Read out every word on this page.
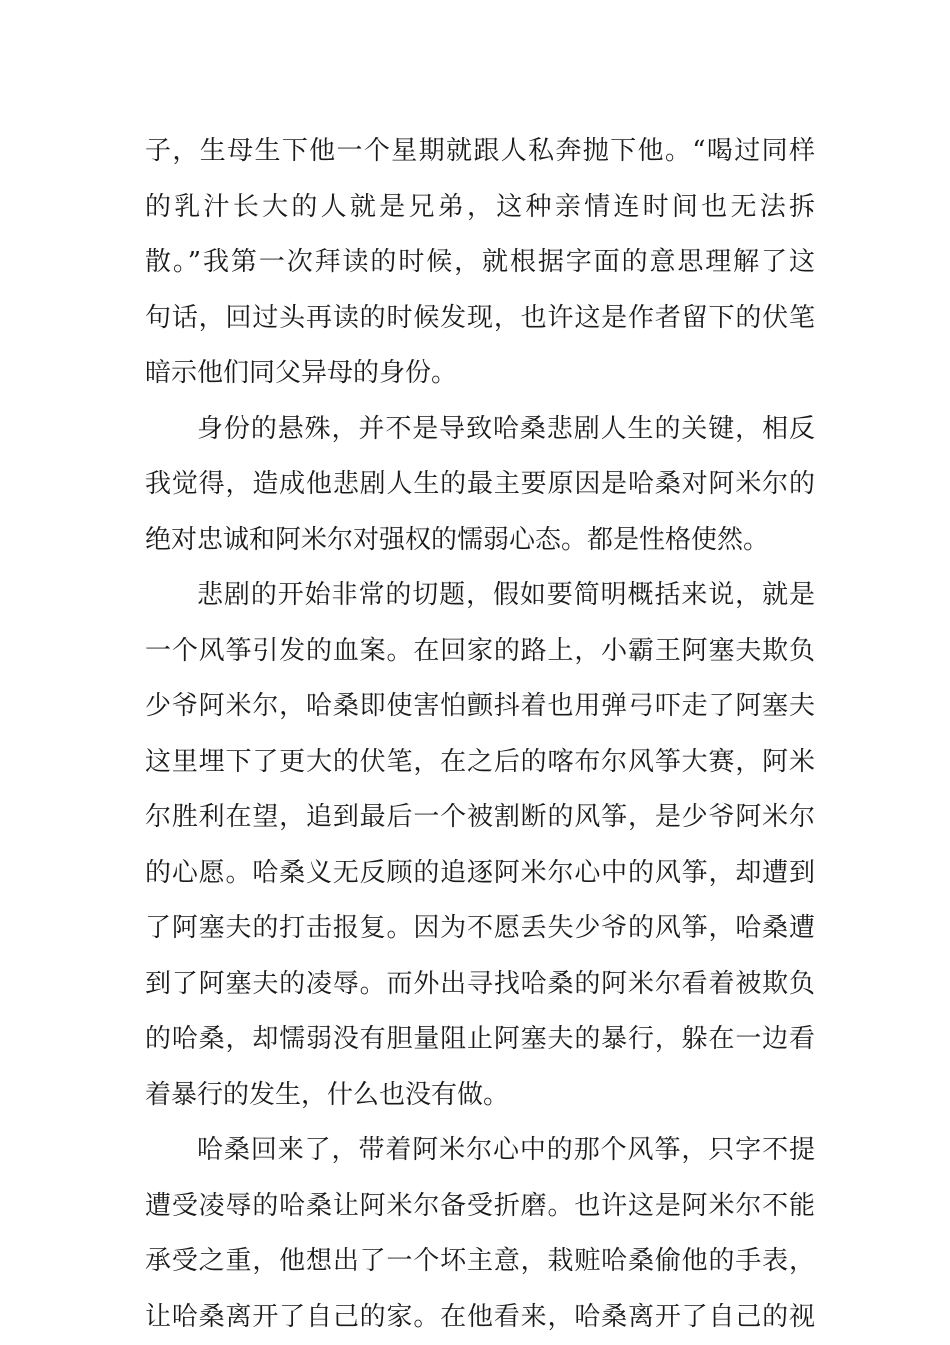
子，生母生下他一个星期就跟人私奔抛下他。“喝过同样
的乳汁长大的人就是兄弟，这种亲情连时间也无法拆
散。”我第一次拜读的时候，就根据字面的意思理解了这
句话，回过头再读的时候发现，也许这是作者留下的伏笔
暗示他们同父异母的身份。
身份的悬殊，并不是导致哈桑悲剧人生的关键，相反
我觉得，造成他悲剧人生的最主要原因是哈桑对阿米尔的
绝对忠诚和阿米尔对强权的懦弱心态。都是性格使然。
悲剧的开始非常的切题，假如要简明概括来说，就是
一个风筝引发的血案。在回家的路上，小霸王阿塞夫欺负
少爷阿米尔，哈桑即使害怕颤抖着也用弹弓吓走了阿塞夫
这里埋下了更大的伏笔，在之后的喀布尔风筝大赛，阿米
尔胜利在望，追到最后一个被割断的风筝，是少爷阿米尔
的心愿。哈桑义无反顾的追逐阿米尔心中的风筝，却遭到
了阿塞夫的打击报复。因为不愿丢失少爷的风筝，哈桑遭
到了阿塞夫的凌辱。而外出寻找哈桑的阿米尔看着被欺负
的哈桑，却懦弱没有胆量阻止阿塞夫的暴行，躲在一边看
着暴行的发生，什么也没有做。
哈桑回来了，带着阿米尔心中的那个风筝，只字不提
遭受凌辱的哈桑让阿米尔备受折磨。也许这是阿米尔不能
承受之重，他想出了一个坏主意，栽赃哈桑偷他的手表，
让哈桑离开了自己的家。在他看来，哈桑离开了自己的视
